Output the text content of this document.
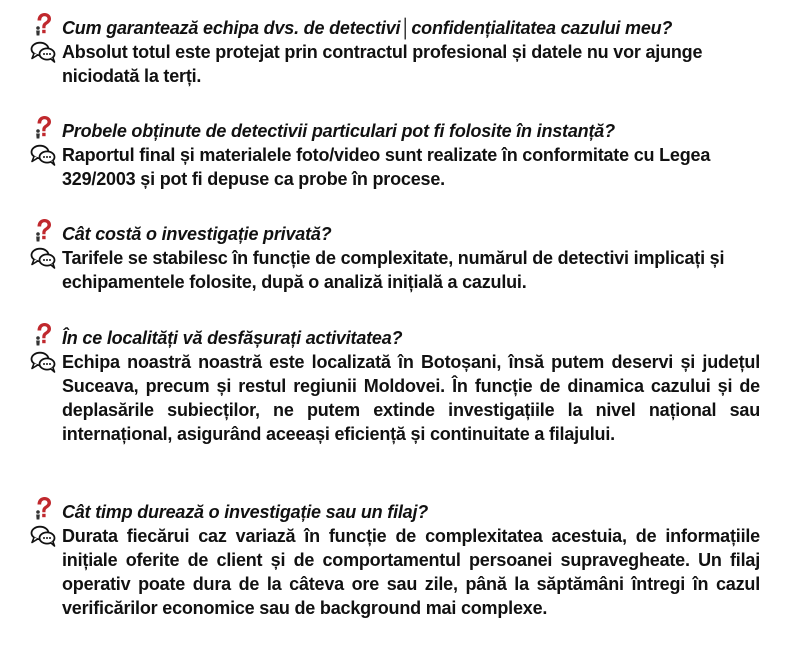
Cum garantează echipa dvs. de detectivi│confidențialitatea cazului meu?
Absolut totul este protejat prin contractul profesional și datele nu vor ajunge niciodată la terți.
Probele obținute de detectivii particulari pot fi folosite în instanță?
Raportul final și materialele foto/video sunt realizate în conformitate cu Legea 329/2003 și pot fi depuse ca probe în procese.
Cât costă o investigație privată?
Tarifele se stabilesc în funcție de complexitate, numărul de detectivi implicați și echipamentele folosite, după o analiză inițială a cazului.
În ce localități vă desfășurați activitatea?
Echipa noastră noastră este localizată în Botoșani, însă putem deservi și județul Suceava, precum și restul regiunii Moldovei. În funcție de dinamica cazului și de deplasările subiecților, ne putem extinde investigațiile la nivel național sau internațional, asigurând aceeași eficiență și continuitate a filajului.
Cât timp durează o investigație sau un filaj?
Durata fiecărui caz variază în funcție de complexitatea acestuia, de informațiile inițiale oferite de client și de comportamentul persoanei supravegheate. Un filaj operativ poate dura de la câteva ore sau zile, până la săptămâni întregi în cazul verificărilor economice sau de background mai complexe.
